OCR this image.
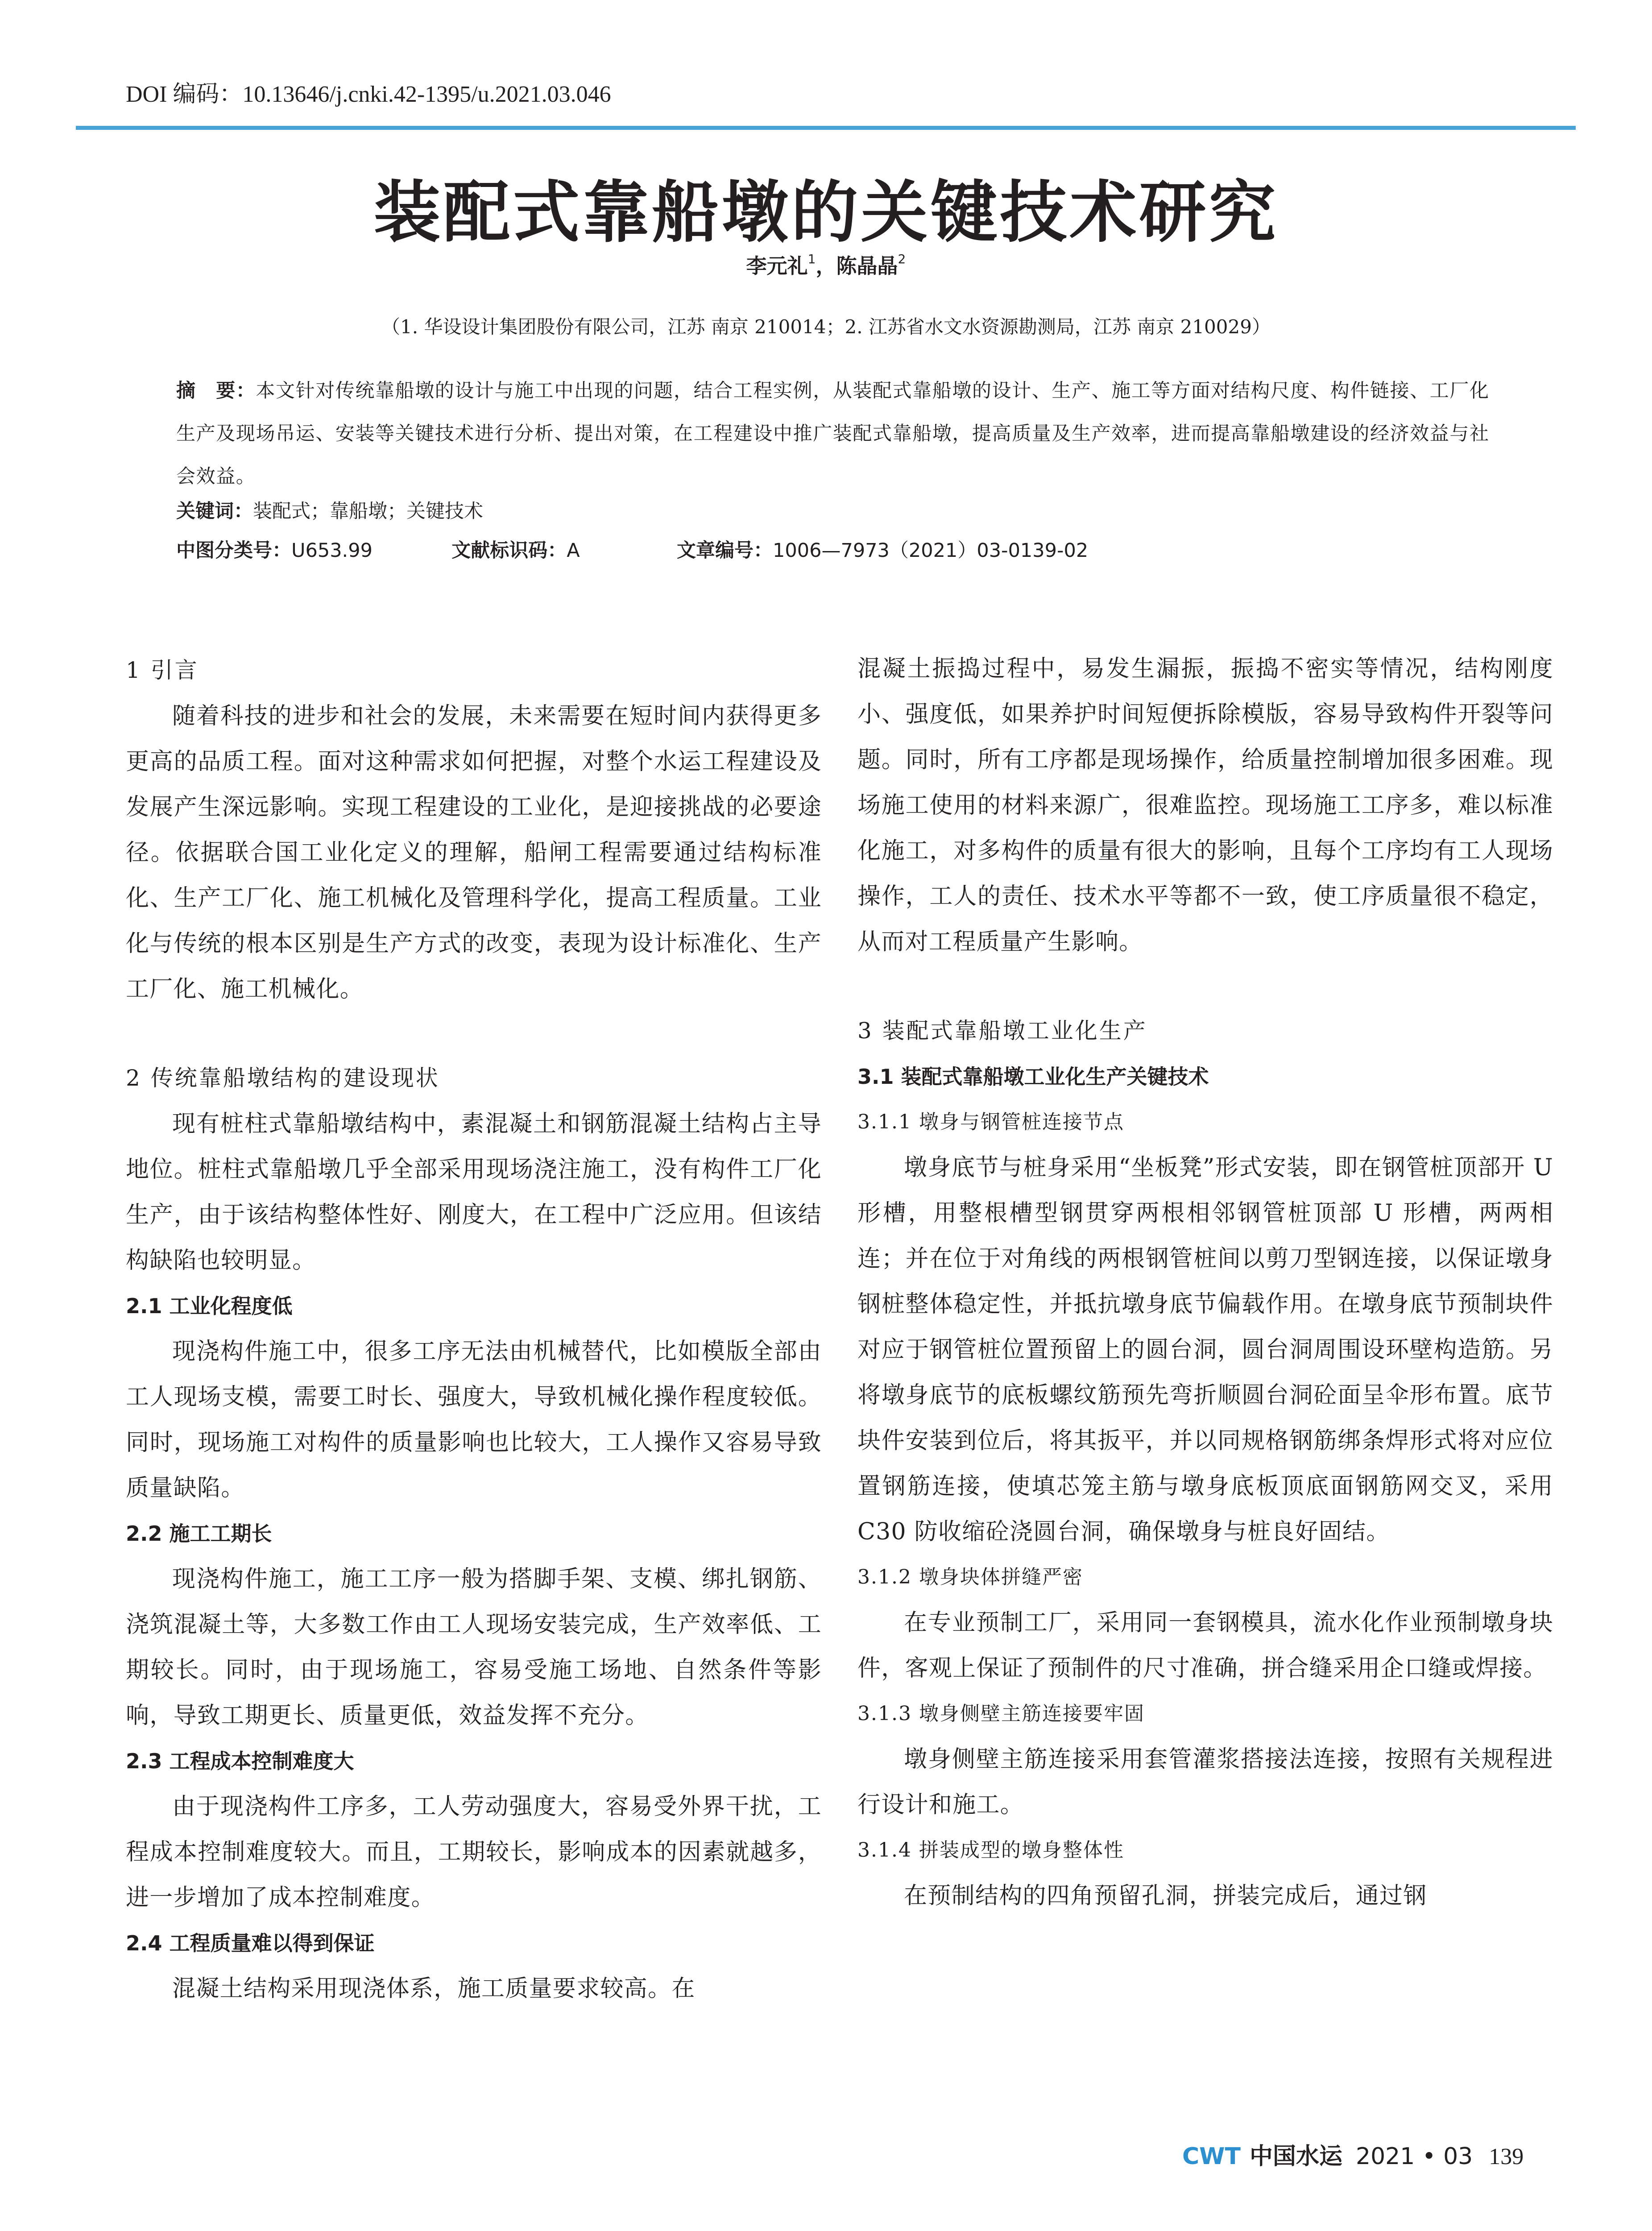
DOI 编码：10.13646/j.cnki.42-1395/u.2021.03.046
装配式靠船墩的关键技术研究
李元礼$^1$，陈晶晶$^2$
（1. 华设设计集团股份有限公司，江苏 南京 210014；2. 江苏省水文水资源勘测局，江苏 南京 210029）
摘　要：本文针对传统靠船墩的设计与施工中出现的问题，结合工程实例，从装配式靠船墩的设计、生产、施工等方面对结构尺度、构件链接、工厂化生产及现场吊运、安装等关键技术进行分析、提出对策，在工程建设中推广装配式靠船墩，提高质量及生产效率，进而提高靠船墩建设的经济效益与社会效益。
关键词：装配式；靠船墩；关键技术
中图分类号：U653.99	文献标识码：A	文章编号：1006—7973（2021）03-0139-02
1 引言

随着科技的进步和社会的发展，未来需要在短时间内获得更多更高的品质工程。面对这种需求如何把握，对整个水运工程建设及发展产生深远影响。实现工程建设的工业化，是迎接挑战的必要途径。依据联合国工业化定义的理解，船闸工程需要通过结构标准化、生产工厂化、施工机械化及管理科学化，提高工程质量。工业化与传统的根本区别是生产方式的改变，表现为设计标准化、生产工厂化、施工机械化。

2 传统靠船墩结构的建设现状

现有桩柱式靠船墩结构中，素混凝土和钢筋混凝土结构占主导地位。桩柱式靠船墩几乎全部采用现场浇注施工，没有构件工厂化生产，由于该结构整体性好、刚度大，在工程中广泛应用。但该结构缺陷也较明显。

2.1 工业化程度低

现浇构件施工中，很多工序无法由机械替代，比如模版全部由工人现场支模，需要工时长、强度大，导致机械化操作程度较低。同时，现场施工对构件的质量影响也比较大，工人操作又容易导致质量缺陷。

2.2 施工工期长

现浇构件施工，施工工序一般为搭脚手架、支模、绑扎钢筋、浇筑混凝土等，大多数工作由工人现场安装完成，生产效率低、工期较长。同时，由于现场施工，容易受施工场地、自然条件等影响，导致工期更长、质量更低，效益发挥不充分。

2.3 工程成本控制难度大

由于现浇构件工序多，工人劳动强度大，容易受外界干扰，工程成本控制难度较大。而且，工期较长，影响成本的因素就越多，进一步增加了成本控制难度。

2.4 工程质量难以得到保证

混凝土结构采用现浇体系，施工质量要求较高。在

混凝土振捣过程中，易发生漏振，振捣不密实等情况，结构刚度小、强度低，如果养护时间短便拆除模版，容易导致构件开裂等问题。同时，所有工序都是现场操作，给质量控制增加很多困难。现场施工使用的材料来源广，很难监控。现场施工工序多，难以标准化施工，对多构件的质量有很大的影响，且每个工序均有工人现场操作，工人的责任、技术水平等都不一致，使工序质量很不稳定，从而对工程质量产生影响。

3 装配式靠船墩工业化生产
3.1 装配式靠船墩工业化生产关键技术
3.1.1 墩身与钢管桩连接节点

墩身底节与桩身采用“坐板凳”形式安装，即在钢管桩顶部开 U 形槽，用整根槽型钢贯穿两根相邻钢管桩顶部 U 形槽，两两相连；并在位于对角线的两根钢管桩间以剪刀型钢连接，以保证墩身钢桩整体稳定性，并抵抗墩身底节偏载作用。在墩身底节预制块件对应于钢管桩位置预留上的圆台洞，圆台洞周围设环壁构造筋。另将墩身底节的底板螺纹筋预先弯折顺圆台洞砼面呈伞形布置。底节块件安装到位后，将其扳平，并以同规格钢筋绑条焊形式将对应位置钢筋连接，使填芯笼主筋与墩身底板顶底面钢筋网交叉，采用 C30 防收缩砼浇圆台洞，确保墩身与桩良好固结。

3.1.2 墩身块体拼缝严密

在专业预制工厂，采用同一套钢模具，流水化作业预制墩身块件，客观上保证了预制件的尺寸准确，拼合缝采用企口缝或焊接。

3.1.3 墩身侧壁主筋连接要牢固

墩身侧壁主筋连接采用套管灌浆搭接法连接，按照有关规程进行设计和施工。

3.1.4 拼装成型的墩身整体性

在预制结构的四角预留孔洞，拼装完成后，通过钢

CWT 中国水运 2021 • 03 139
